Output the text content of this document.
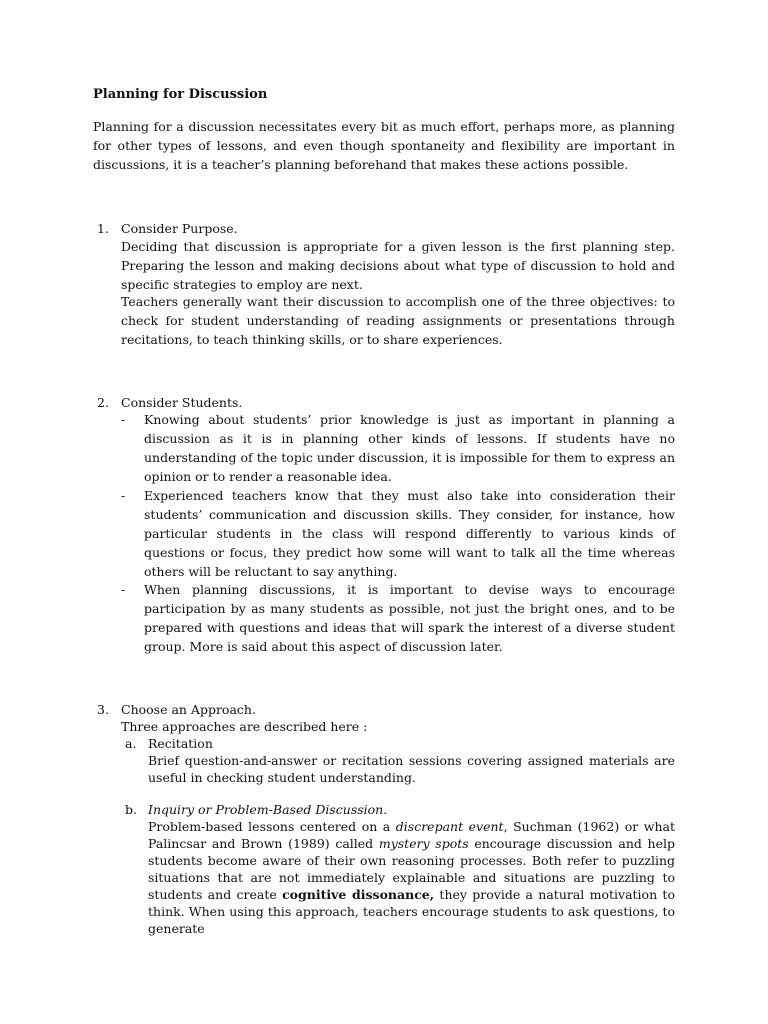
Planning for Discussion

Planning for a discussion necessitates every bit as much effort, perhaps more, as planning for other types of lessons, and even though spontaneity and flexibility are important in discussions, it is a teacher’s planning beforehand that makes these actions possible.

1. Consider Purpose.

Deciding that discussion is appropriate for a given lesson is the first planning step. Preparing the lesson and making decisions about what type of discussion to hold and specific strategies to employ are next.

Teachers generally want their discussion to accomplish one of the three objectives: to check for student understanding of reading assignments or presentations through recitations, to teach thinking skills, or to share experiences.

2. Consider Students.
- Knowing about students’ prior knowledge is just as important in planning a discussion as it is in planning other kinds of lessons. If students have no understanding of the topic under discussion, it is impossible for them to express an opinion or to render a reasonable idea.

- Experienced teachers know that they must also take into consideration their students’ communication and discussion skills. They consider, for instance, how particular students in the class will respond differently to various kinds of questions or focus, they predict how some will want to talk all the time whereas others will be reluctant to say anything.

- When planning discussions, it is important to devise ways to encourage participation by as many students as possible, not just the bright ones, and to be prepared with questions and ideas that will spark the interest of a diverse student group. More is said about this aspect of discussion later.

3. Choose an Approach.
Three approaches are described here :
a. Recitation

Brief question-and-answer or recitation sessions covering assigned materials are useful in checking student understanding.

b. Inquiry or Problem-Based Discussion.

Problem-based lessons centered on a discrepant event, Suchman (1962) or what Palincsar and Brown (1989) called mystery spots encourage discussion and help students become aware of their own reasoning processes. Both refer to puzzling situations that are not immediately explainable and situations are puzzling to students and create cognitive dissonance, they provide a natural motivation to think. When using this approach, teachers encourage students to ask questions, to generate
